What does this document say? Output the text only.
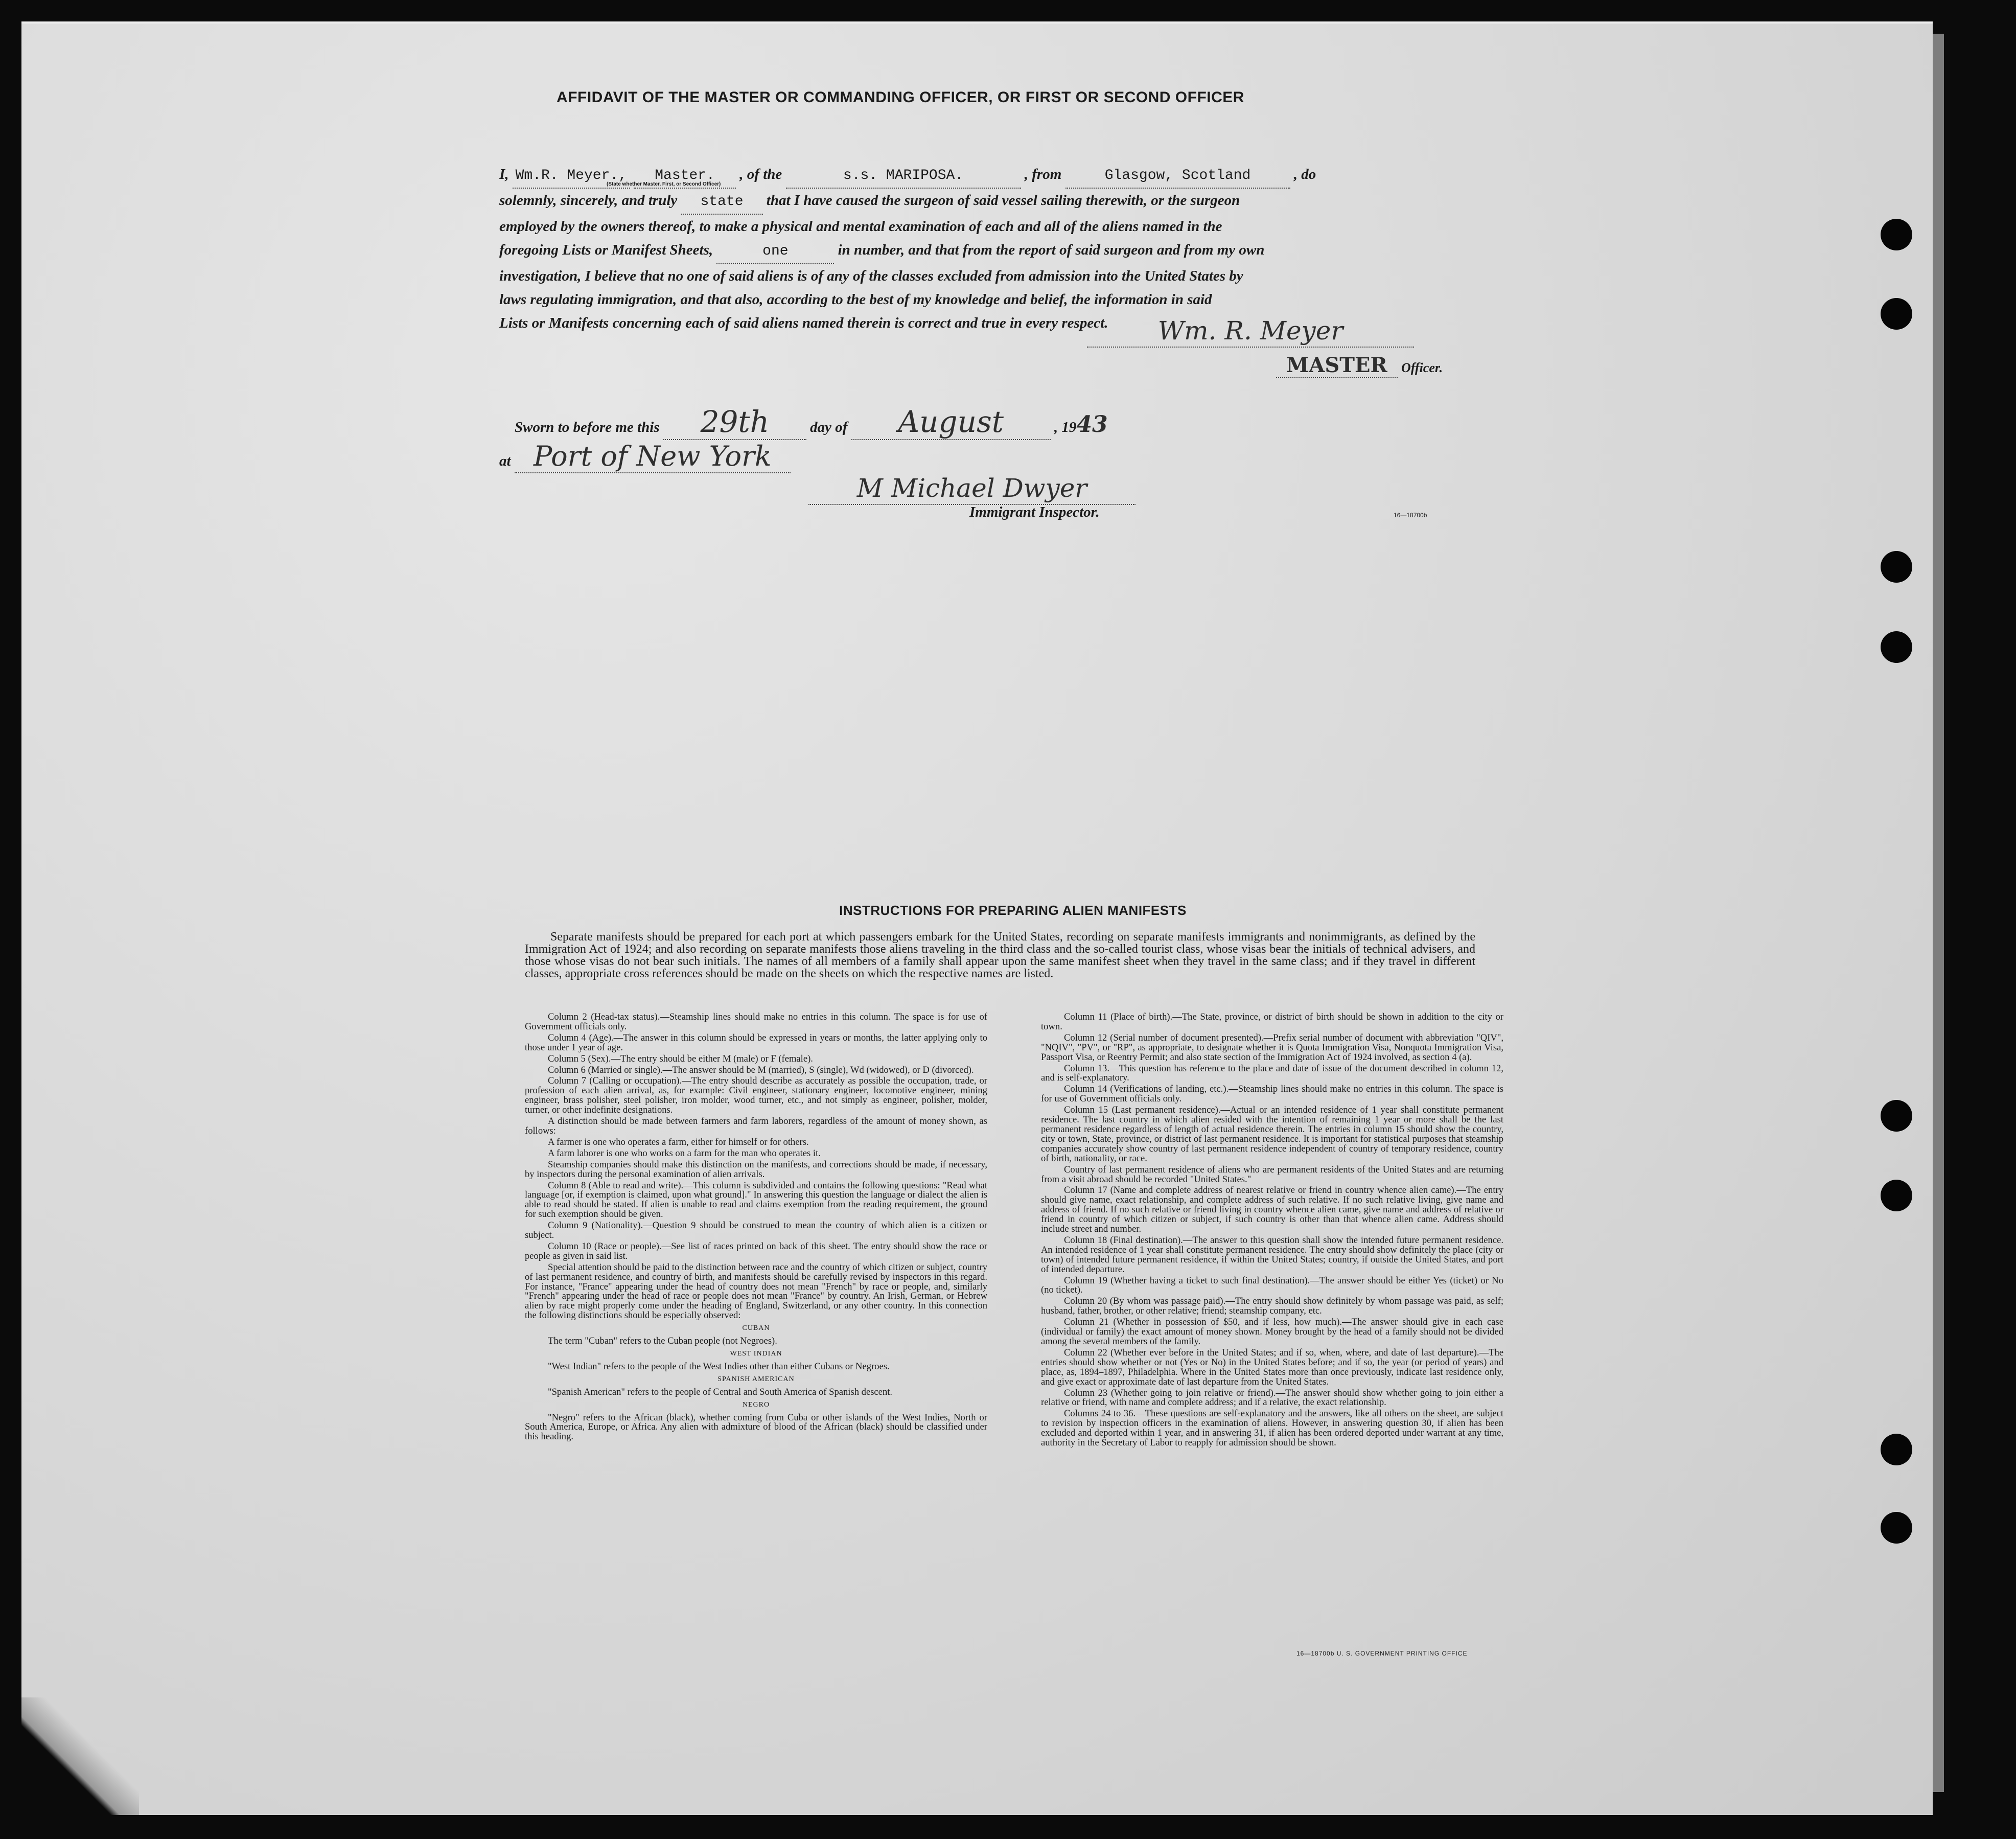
AFFIDAVIT OF THE MASTER OR COMMANDING OFFICER, OR FIRST OR SECOND OFFICER
I, Wm.R. Meyer., Master.
(State whether Master, First, or Second Officer)
, of the	s.s. MARIPOSA.	, from	Glasgow, Scotland	, do
solemnly, sincerely, and truly state that I have caused the surgeon of said vessel sailing therewith, or the surgeon
employed by the owners thereof, to make a physical and mental examination of each and all of the aliens named in the
foregoing Lists or Manifest Sheets,	one	in number, and that from the report of said surgeon and from my own
investigation, I believe that no one of said aliens is of any of the classes excluded from admission into the United States by
laws regulating immigration, and that also, according to the best of my knowledge and belief, the information in said
Lists or Manifests concerning each of said aliens named therein is correct and true in every respect.	Wm. R. Meyer
MASTER Officer.
Sworn to before me this 29th	day of August	, 1943
at Port of New York
M Michael Dwyer
Immigrant Inspector.	16—18700b
INSTRUCTIONS FOR PREPARING ALIEN MANIFESTS
Separate manifests should be prepared for each port at which passengers embark for the United States, recording on separate manifests immigrants and nonimmigrants, as defined by the Immigration Act of 1924; and also recording on separate manifests those aliens traveling in the third class and the so-called tourist class, whose visas bear the initials of technical advisers, and those whose visas do not bear such initials. The names of all members of a family shall appear upon the same manifest sheet when they travel in the same class; and if they travel in different classes, appropriate cross references should be made on the sheets on which the respective names are listed.

Column 2 (Head-tax status).—Steamship lines should make no entries in this column. The space is for use of Government officials only.

Column 4 (Age).—The answer in this column should be expressed in years or months, the latter applying only to those under 1 year of age.

Column 5 (Sex).—The entry should be either M (male) or F (female).

Column 6 (Married or single).—The answer should be M (married), S (single), Wd (widowed), or D (divorced).

Column 7 (Calling or occupation).—The entry should describe as accurately as possible the occupation, trade, or profession of each alien arrival, as, for example: Civil engineer, stationary engineer, locomotive engineer, mining engineer, brass polisher, steel polisher, iron molder, wood turner, etc., and not simply as engineer, polisher, molder, turner, or other indefinite designations.

A distinction should be made between farmers and farm laborers, regardless of the amount of money shown, as follows:

A farmer is one who operates a farm, either for himself or for others.

A farm laborer is one who works on a farm for the man who operates it.

Steamship companies should make this distinction on the manifests, and corrections should be made, if necessary, by inspectors during the personal examination of alien arrivals.

Column 8 (Able to read and write).—This column is subdivided and contains the following questions: "Read what language [or, if exemption is claimed, upon what ground]." In answering this question the language or dialect the alien is able to read should be stated. If alien is unable to read and claims exemption from the reading requirement, the ground for such exemption should be given.

Column 9 (Nationality).—Question 9 should be construed to mean the country of which alien is a citizen or subject.

Column 10 (Race or people).—See list of races printed on back of this sheet. The entry should show the race or people as given in said list.

Special attention should be paid to the distinction between race and the country of which citizen or subject, country of last permanent residence, and country of birth, and manifests should be carefully revised by inspectors in this regard. For instance, "France" appearing under the head of country does not mean "French" by race or people, and, similarly "French" appearing under the head of race or people does not mean "France" by country. An Irish, German, or Hebrew alien by race might properly come under the heading of England, Switzerland, or any other country. In this connection the following distinctions should be especially observed:

CUBAN

The term "Cuban" refers to the Cuban people (not Negroes).

WEST INDIAN

"West Indian" refers to the people of the West Indies other than either Cubans or Negroes.

SPANISH AMERICAN

"Spanish American" refers to the people of Central and South America of Spanish descent.

NEGRO

"Negro" refers to the African (black), whether coming from Cuba or other islands of the West Indies, North or South America, Europe, or Africa. Any alien with admixture of blood of the African (black) should be classified under this heading.

Column 11 (Place of birth).—The State, province, or district of birth should be shown in addition to the city or town.

Column 12 (Serial number of document presented).—Prefix serial number of document with abbreviation "QIV", "NQIV", "PV", or "RP", as appropriate, to designate whether it is Quota Immigration Visa, Nonquota Immigration Visa, Passport Visa, or Reentry Permit; and also state section of the Immigration Act of 1924 involved, as section 4 (a).

Column 13.—This question has reference to the place and date of issue of the document described in column 12, and is self-explanatory.

Column 14 (Verifications of landing, etc.).—Steamship lines should make no entries in this column. The space is for use of Government officials only.

Column 15 (Last permanent residence).—Actual or an intended residence of 1 year shall constitute permanent residence. The last country in which alien resided with the intention of remaining 1 year or more shall be the last permanent residence regardless of length of actual residence therein. The entries in column 15 should show the country, city or town, State, province, or district of last permanent residence. It is important for statistical purposes that steamship companies accurately show country of last permanent residence independent of country of temporary residence, country of birth, nationality, or race.

Country of last permanent residence of aliens who are permanent residents of the United States and are returning from a visit abroad should be recorded "United States."

Column 17 (Name and complete address of nearest relative or friend in country whence alien came).—The entry should give name, exact relationship, and complete address of such relative. If no such relative living, give name and address of friend. If no such relative or friend living in country whence alien came, give name and address of relative or friend in country of which citizen or subject, if such country is other than that whence alien came. Address should include street and number.

Column 18 (Final destination).—The answer to this question shall show the intended future permanent residence. An intended residence of 1 year shall constitute permanent residence. The entry should show definitely the place (city or town) of intended future permanent residence, if within the United States; country, if outside the United States, and port of intended departure.

Column 19 (Whether having a ticket to such final destination).—The answer should be either Yes (ticket) or No (no ticket).

Column 20 (By whom was passage paid).—The entry should show definitely by whom passage was paid, as self; husband, father, brother, or other relative; friend; steamship company, etc.

Column 21 (Whether in possession of $50, and if less, how much).—The answer should give in each case (individual or family) the exact amount of money shown. Money brought by the head of a family should not be divided among the several members of the family.

Column 22 (Whether ever before in the United States; and if so, when, where, and date of last departure).—The entries should show whether or not (Yes or No) in the United States before; and if so, the year (or period of years) and place, as, 1894–1897, Philadelphia. Where in the United States more than once previously, indicate last residence only, and give exact or approximate date of last departure from the United States.

Column 23 (Whether going to join relative or friend).—The answer should show whether going to join either a relative or friend, with name and complete address; and if a relative, the exact relationship.

Columns 24 to 36.—These questions are self-explanatory and the answers, like all others on the sheet, are subject to revision by inspection officers in the examination of aliens. However, in answering question 30, if alien has been excluded and deported within 1 year, and in answering 31, if alien has been ordered deported under warrant at any time, authority in the Secretary of Labor to reapply for admission should be shown.

16—18700b U. S. GOVERNMENT PRINTING OFFICE
